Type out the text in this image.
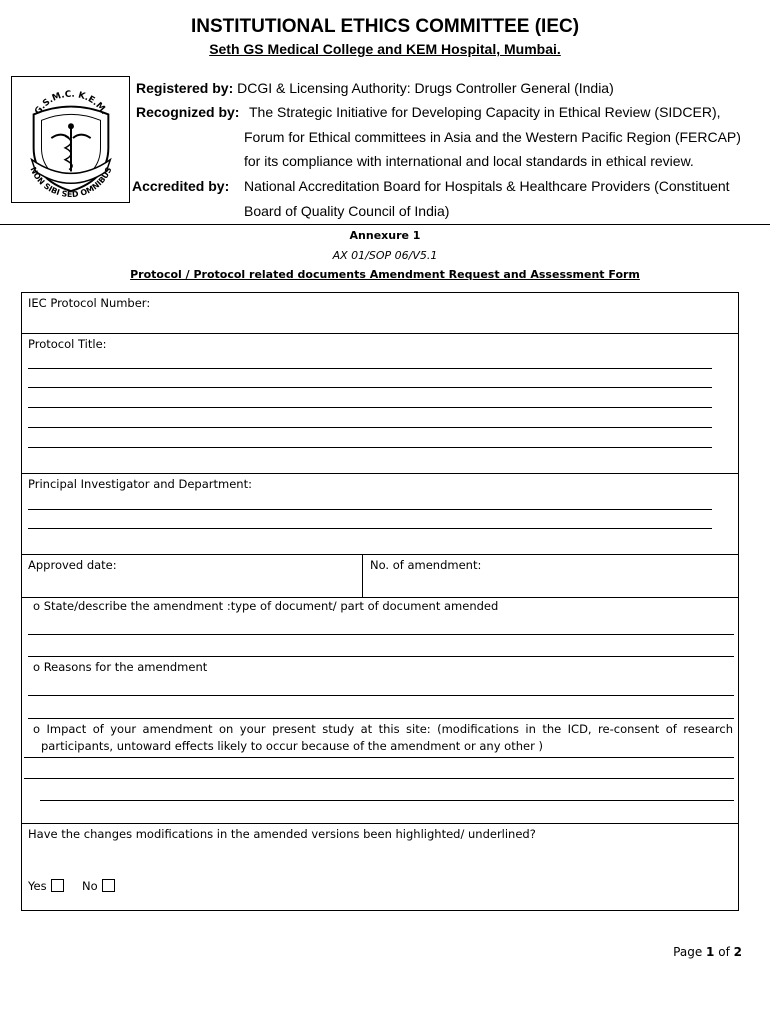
INSTITUTIONAL ETHICS COMMITTEE (IEC)
Seth GS Medical College and KEM Hospital, Mumbai.
G.S.M.C. K.E.M.
NON SIBI SED OMNIBUS
Registered by: DCGI & Licensing Authority: Drugs Controller General (India)
Recognized by: The Strategic Initiative for Developing Capacity in Ethical Review (SIDCER),
Forum for Ethical committees in Asia and the Western Pacific Region (FERCAP)
for its compliance with international and local standards in ethical review.
Accredited by: National Accreditation Board for Hospitals & Healthcare Providers (Constituent
Board of Quality Council of India)
Annexure 1
AX 01/SOP 06/V5.1
Protocol / Protocol related documents Amendment Request and Assessment Form
IEC Protocol Number:
Protocol Title:
Principal Investigator and Department:
Approved date:	No. of amendment:
o State/describe the amendment :type of document/ part of document amended
o Reasons for the amendment
o Impact of your amendment on your present study at this site: (modifications in the ICD, re-consent of research
participants, untoward effects likely to occur because of the amendment or any other )
Have the changes modifications in the amended versions been highlighted/ underlined?
Yes	No
Page 1 of 2
